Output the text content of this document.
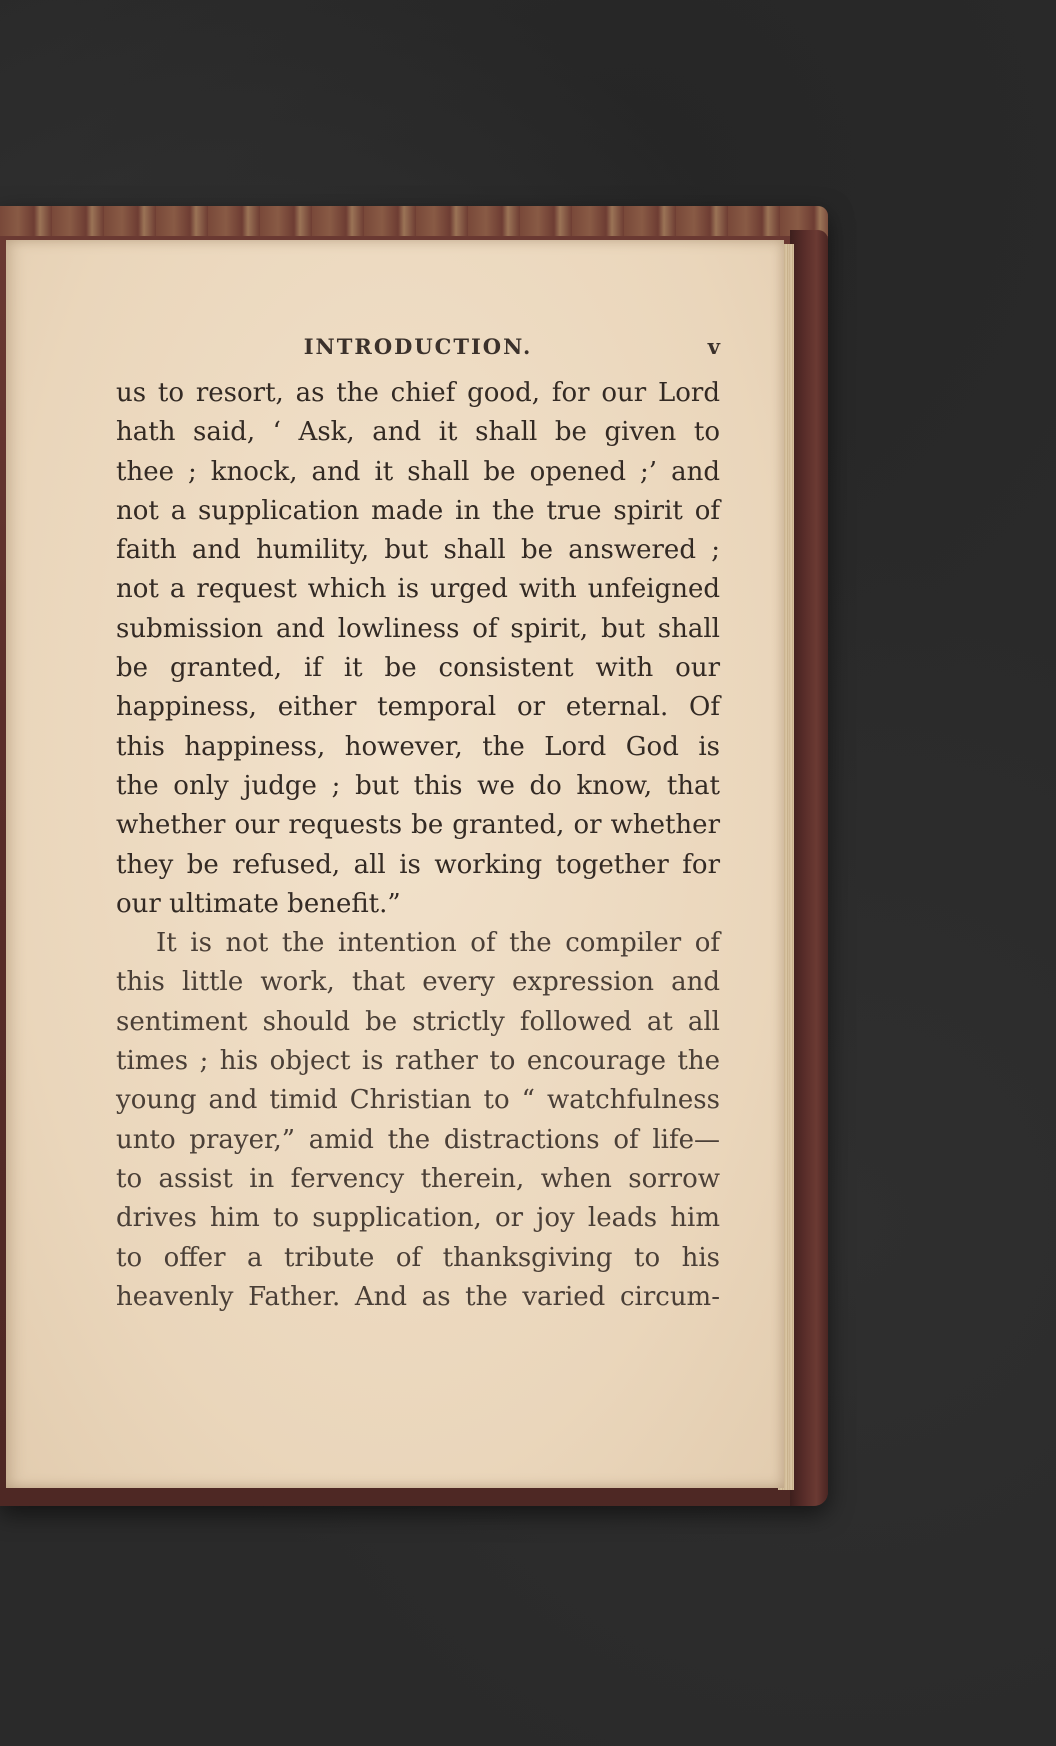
INTRODUCTION.	v
us to resort, as the chief good, for our Lord
hath said, ‘ Ask, and it shall be given to
thee ; knock, and it shall be opened ;’ and
not a supplication made in the true spirit of
faith and humility, but shall be answered ;
not a request which is urged with unfeigned
submission and lowliness of spirit, but shall
be granted, if it be consistent with our
happiness, either temporal or eternal. Of
this happiness, however, the Lord God is
the only judge ; but this we do know, that
whether our requests be granted, or whether
they be refused, all is working together for
our ultimate benefit.”
It is not the intention of the compiler of
this little work, that every expression and
sentiment should be strictly followed at all
times ; his object is rather to encourage the
young and timid Christian to “ watchfulness
unto prayer,” amid the distractions of life—
to assist in fervency therein, when sorrow
drives him to supplication, or joy leads him
to offer a tribute of thanksgiving to his
heavenly Father. And as the varied circum-
